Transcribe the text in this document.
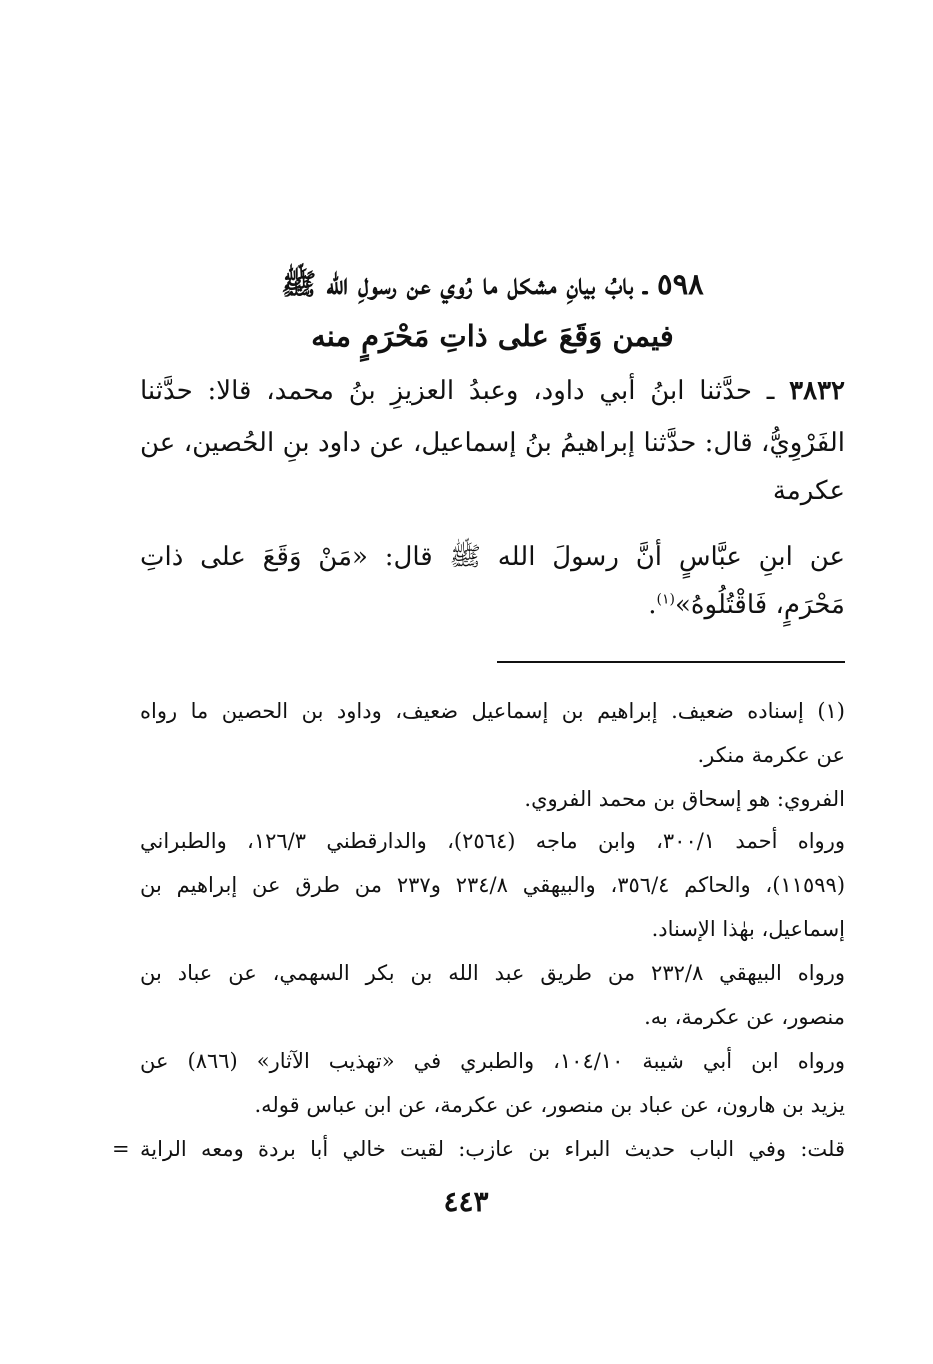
٥٩٨ ـ بابُ بيانِ مشكل ما رُوي عن رسولِ الله ﷺ
فيمن وَقَعَ على ذاتِ مَحْرَمٍ منه
٣٨٣٢ ـ حدَّثنا ابنُ أبي داود، وعبدُ العزيزِ بنُ محمد، قالا: حدَّثنا
الفَرْوِيُّ، قال: حدَّثنا إبراهيمُ بنُ إسماعيل، عن داود بنِ الحُصين، عن
عكرمة
عن ابنِ عبَّاسٍ أنَّ رسولَ الله ﷺ قال: «مَنْ وَقَعَ على ذاتِ
مَحْرَمٍ، فَاقْتُلُوهُ»$^{(١)}$.
(١) إسناده ضعيف. إبراهيم بن إسماعيل ضعيف، وداود بن الحصين ما رواه
عن عكرمة منكر.
الفروي: هو إسحاق بن محمد الفروي.
ورواه أحمد ٣٠٠/١، وابن ماجه (٢٥٦٤)، والدارقطني ١٢٦/٣، والطبراني
(١١٥٩٩)، والحاكم ٣٥٦/٤، والبيهقي ٢٣٤/٨ و٢٣٧ من طرق عن إبراهيم بن
إسماعيل، بهٰذا الإسناد.
ورواه البيهقي ٢٣٢/٨ من طريق عبد الله بن بكر السهمي، عن عباد بن
منصور، عن عكرمة، به.
ورواه ابن أبي شيبة ١٠٤/١٠، والطبري في «تهذيب الآثار» (٨٦٦) عن
يزيد بن هارون، عن عباد بن منصور، عن عكرمة، عن ابن عباس قوله.
قلت: وفي الباب حديث البراء بن عازب: لقيت خالي أبا بردة ومعه الراية
=
٤٤٣
